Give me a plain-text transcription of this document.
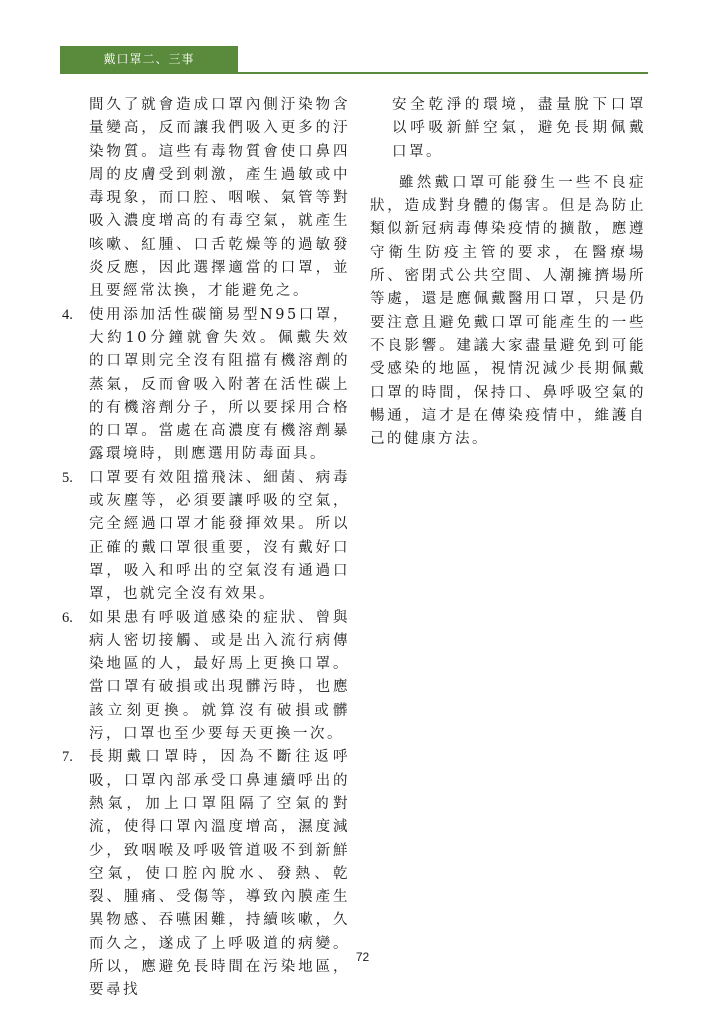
戴口罩二、三事

間久了就會造成口罩內側汙染物含量變高，反而讓我們吸入更多的汙染物質。這些有毒物質會使口鼻四周的皮膚受到刺激，產生過敏或中毒現象，而口腔、咽喉、氣管等對吸入濃度增高的有毒空氣，就產生咳嗽、紅腫、口舌乾燥等的過敏發炎反應，因此選擇適當的口罩，並且要經常汰換，才能避免之。

4. 使用添加活性碳簡易型N95口罩，大約10分鐘就會失效。佩戴失效的口罩則完全沒有阻擋有機溶劑的蒸氣，反而會吸入附著在活性碳上的有機溶劑分子，所以要採用合格的口罩。當處在高濃度有機溶劑暴露環境時，則應選用防毒面具。

5. 口罩要有效阻擋飛沫、細菌、病毒或灰塵等，必須要讓呼吸的空氣，完全經過口罩才能發揮效果。所以正確的戴口罩很重要，沒有戴好口罩，吸入和呼出的空氣沒有通過口罩，也就完全沒有效果。

6. 如果患有呼吸道感染的症狀、曾與病人密切接觸、或是出入流行病傳染地區的人，最好馬上更換口罩。當口罩有破損或出現髒污時，也應該立刻更換。就算沒有破損或髒污，口罩也至少要每天更換一次。

7. 長期戴口罩時，因為不斷往返呼吸，口罩內部承受口鼻連續呼出的熱氣，加上口罩阻隔了空氣的對流，使得口罩內溫度增高，濕度減少，致咽喉及呼吸管道吸不到新鮮空氣，使口腔內脫水、發熱、乾裂、腫痛、受傷等，導致內膜產生異物感、吞嚥困難，持續咳嗽，久而久之，遂成了上呼吸道的病變。所以，應避免長時間在污染地區，要尋找

安全乾淨的環境，盡量脫下口罩以呼吸新鮮空氣，避免長期佩戴口罩。

雖然戴口罩可能發生一些不良症狀，造成對身體的傷害。但是為防止類似新冠病毒傳染疫情的擴散，應遵守衛生防疫主管的要求，在醫療場所、密閉式公共空間、人潮擁擠場所等處，還是應佩戴醫用口罩，只是仍要注意且避免戴口罩可能產生的一些不良影響。建議大家盡量避免到可能受感染的地區，視情況減少長期佩戴口罩的時間，保持口、鼻呼吸空氣的暢通，這才是在傳染疫情中，維護自己的健康方法。

72
